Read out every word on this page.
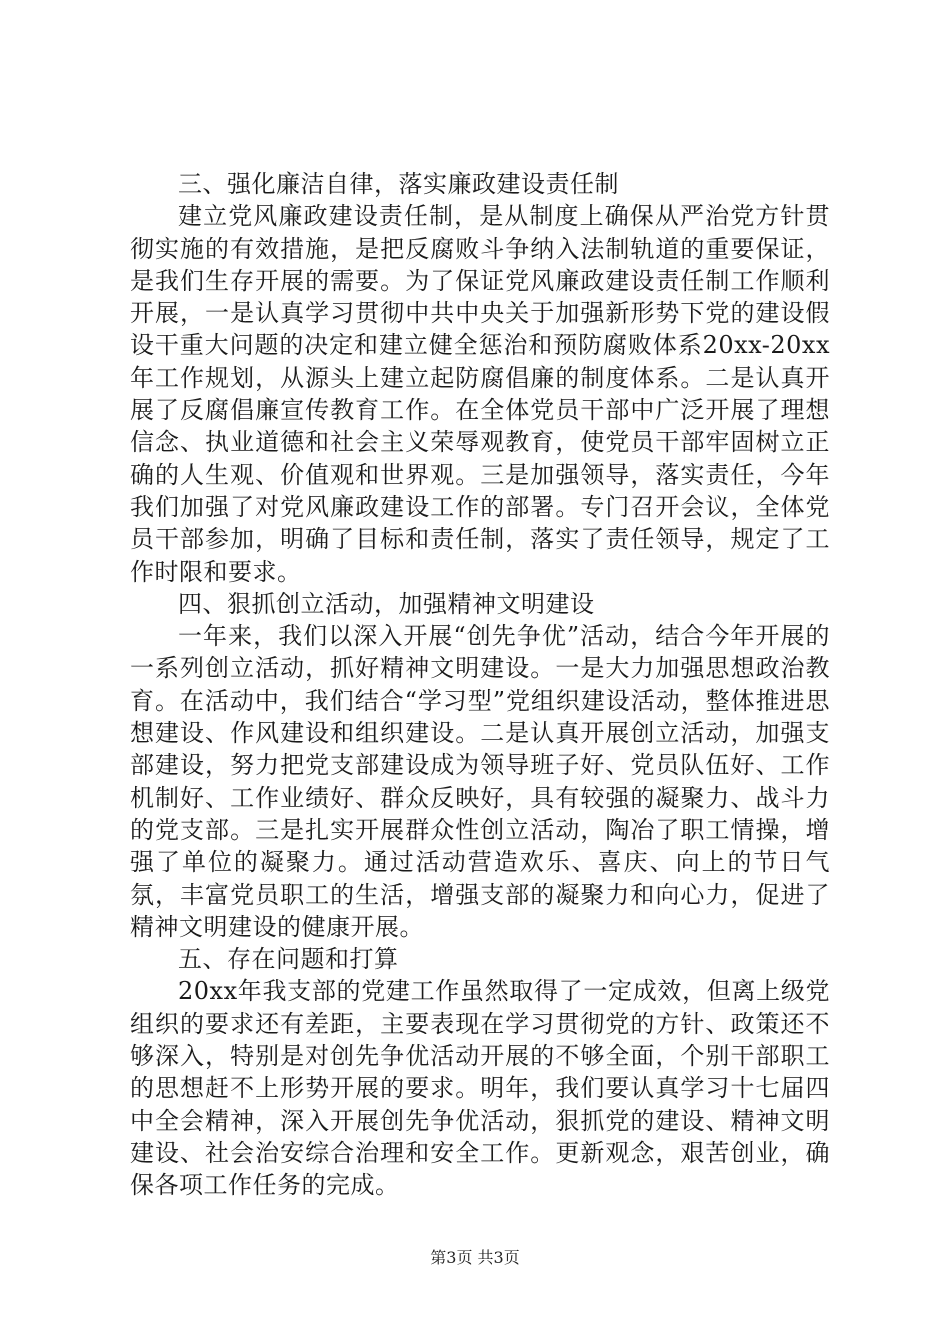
三、强化廉洁自律，落实廉政建设责任制

建立党风廉政建设责任制，是从制度上确保从严治党方针贯彻实施的有效措施，是把反腐败斗争纳入法制轨道的重要保证，是我们生存开展的需要。为了保证党风廉政建设责任制工作顺利开展，一是认真学习贯彻中共中央关于加强新形势下党的建设假设干重大问题的决定和建立健全惩治和预防腐败体系20xx-20xx年工作规划，从源头上建立起防腐倡廉的制度体系。二是认真开展了反腐倡廉宣传教育工作。在全体党员干部中广泛开展了理想信念、执业道德和社会主义荣辱观教育，使党员干部牢固树立正确的人生观、价值观和世界观。三是加强领导，落实责任，今年我们加强了对党风廉政建设工作的部署。专门召开会议，全体党员干部参加，明确了目标和责任制，落实了责任领导，规定了工作时限和要求。

四、狠抓创立活动，加强精神文明建设

一年来，我们以深入开展“创先争优”活动，结合今年开展的一系列创立活动，抓好精神文明建设。一是大力加强思想政治教育。在活动中，我们结合“学习型”党组织建设活动，整体推进思想建设、作风建设和组织建设。二是认真开展创立活动，加强支部建设，努力把党支部建设成为领导班子好、党员队伍好、工作机制好、工作业绩好、群众反映好，具有较强的凝聚力、战斗力的党支部。三是扎实开展群众性创立活动，陶冶了职工情操，增强了单位的凝聚力。通过活动营造欢乐、喜庆、向上的节日气氛，丰富党员职工的生活，增强支部的凝聚力和向心力，促进了精神文明建设的健康开展。

五、存在问题和打算

20xx年我支部的党建工作虽然取得了一定成效，但离上级党组织的要求还有差距，主要表现在学习贯彻党的方针、政策还不够深入，特别是对创先争优活动开展的不够全面，个别干部职工的思想赶不上形势开展的要求。明年，我们要认真学习十七届四中全会精神，深入开展创先争优活动，狠抓党的建设、精神文明建设、社会治安综合治理和安全工作。更新观念，艰苦创业，确保各项工作任务的完成。

第3页 共3页
